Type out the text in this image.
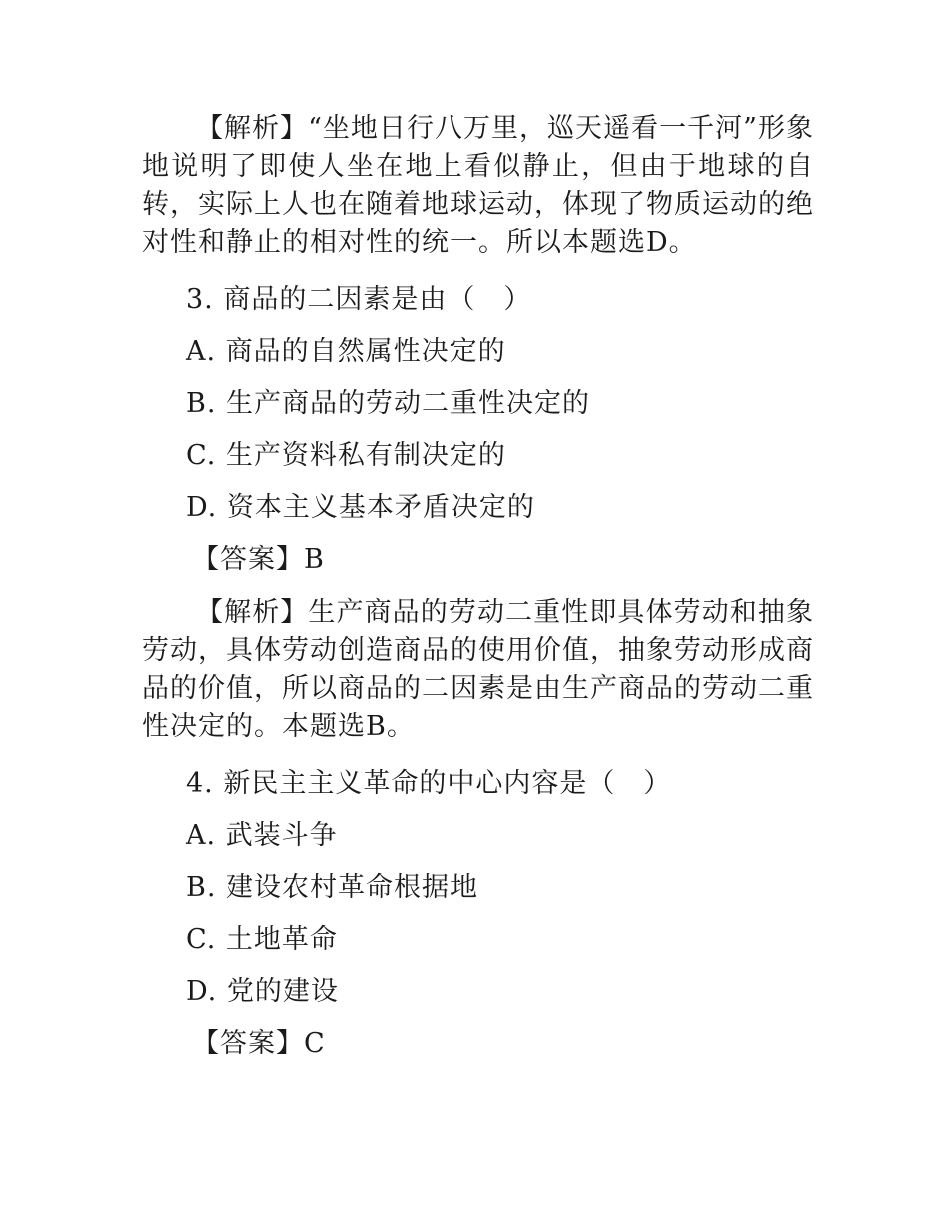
【解析】“坐地日行八万里，巡天遥看一千河”形象地说明了即使人坐在地上看似静止，但由于地球的自转，实际上人也在随着地球运动，体现了物质运动的绝对性和静止的相对性的统一。所以本题选D。

3. 商品的二因素是由（　）

A. 商品的自然属性决定的

B. 生产商品的劳动二重性决定的

C. 生产资料私有制决定的

D. 资本主义基本矛盾决定的

【答案】B

【解析】生产商品的劳动二重性即具体劳动和抽象劳动，具体劳动创造商品的使用价值，抽象劳动形成商品的价值，所以商品的二因素是由生产商品的劳动二重性决定的。本题选B。

4. 新民主主义革命的中心内容是（　）

A. 武装斗争

B. 建设农村革命根据地

C. 土地革命

D. 党的建设

【答案】C
